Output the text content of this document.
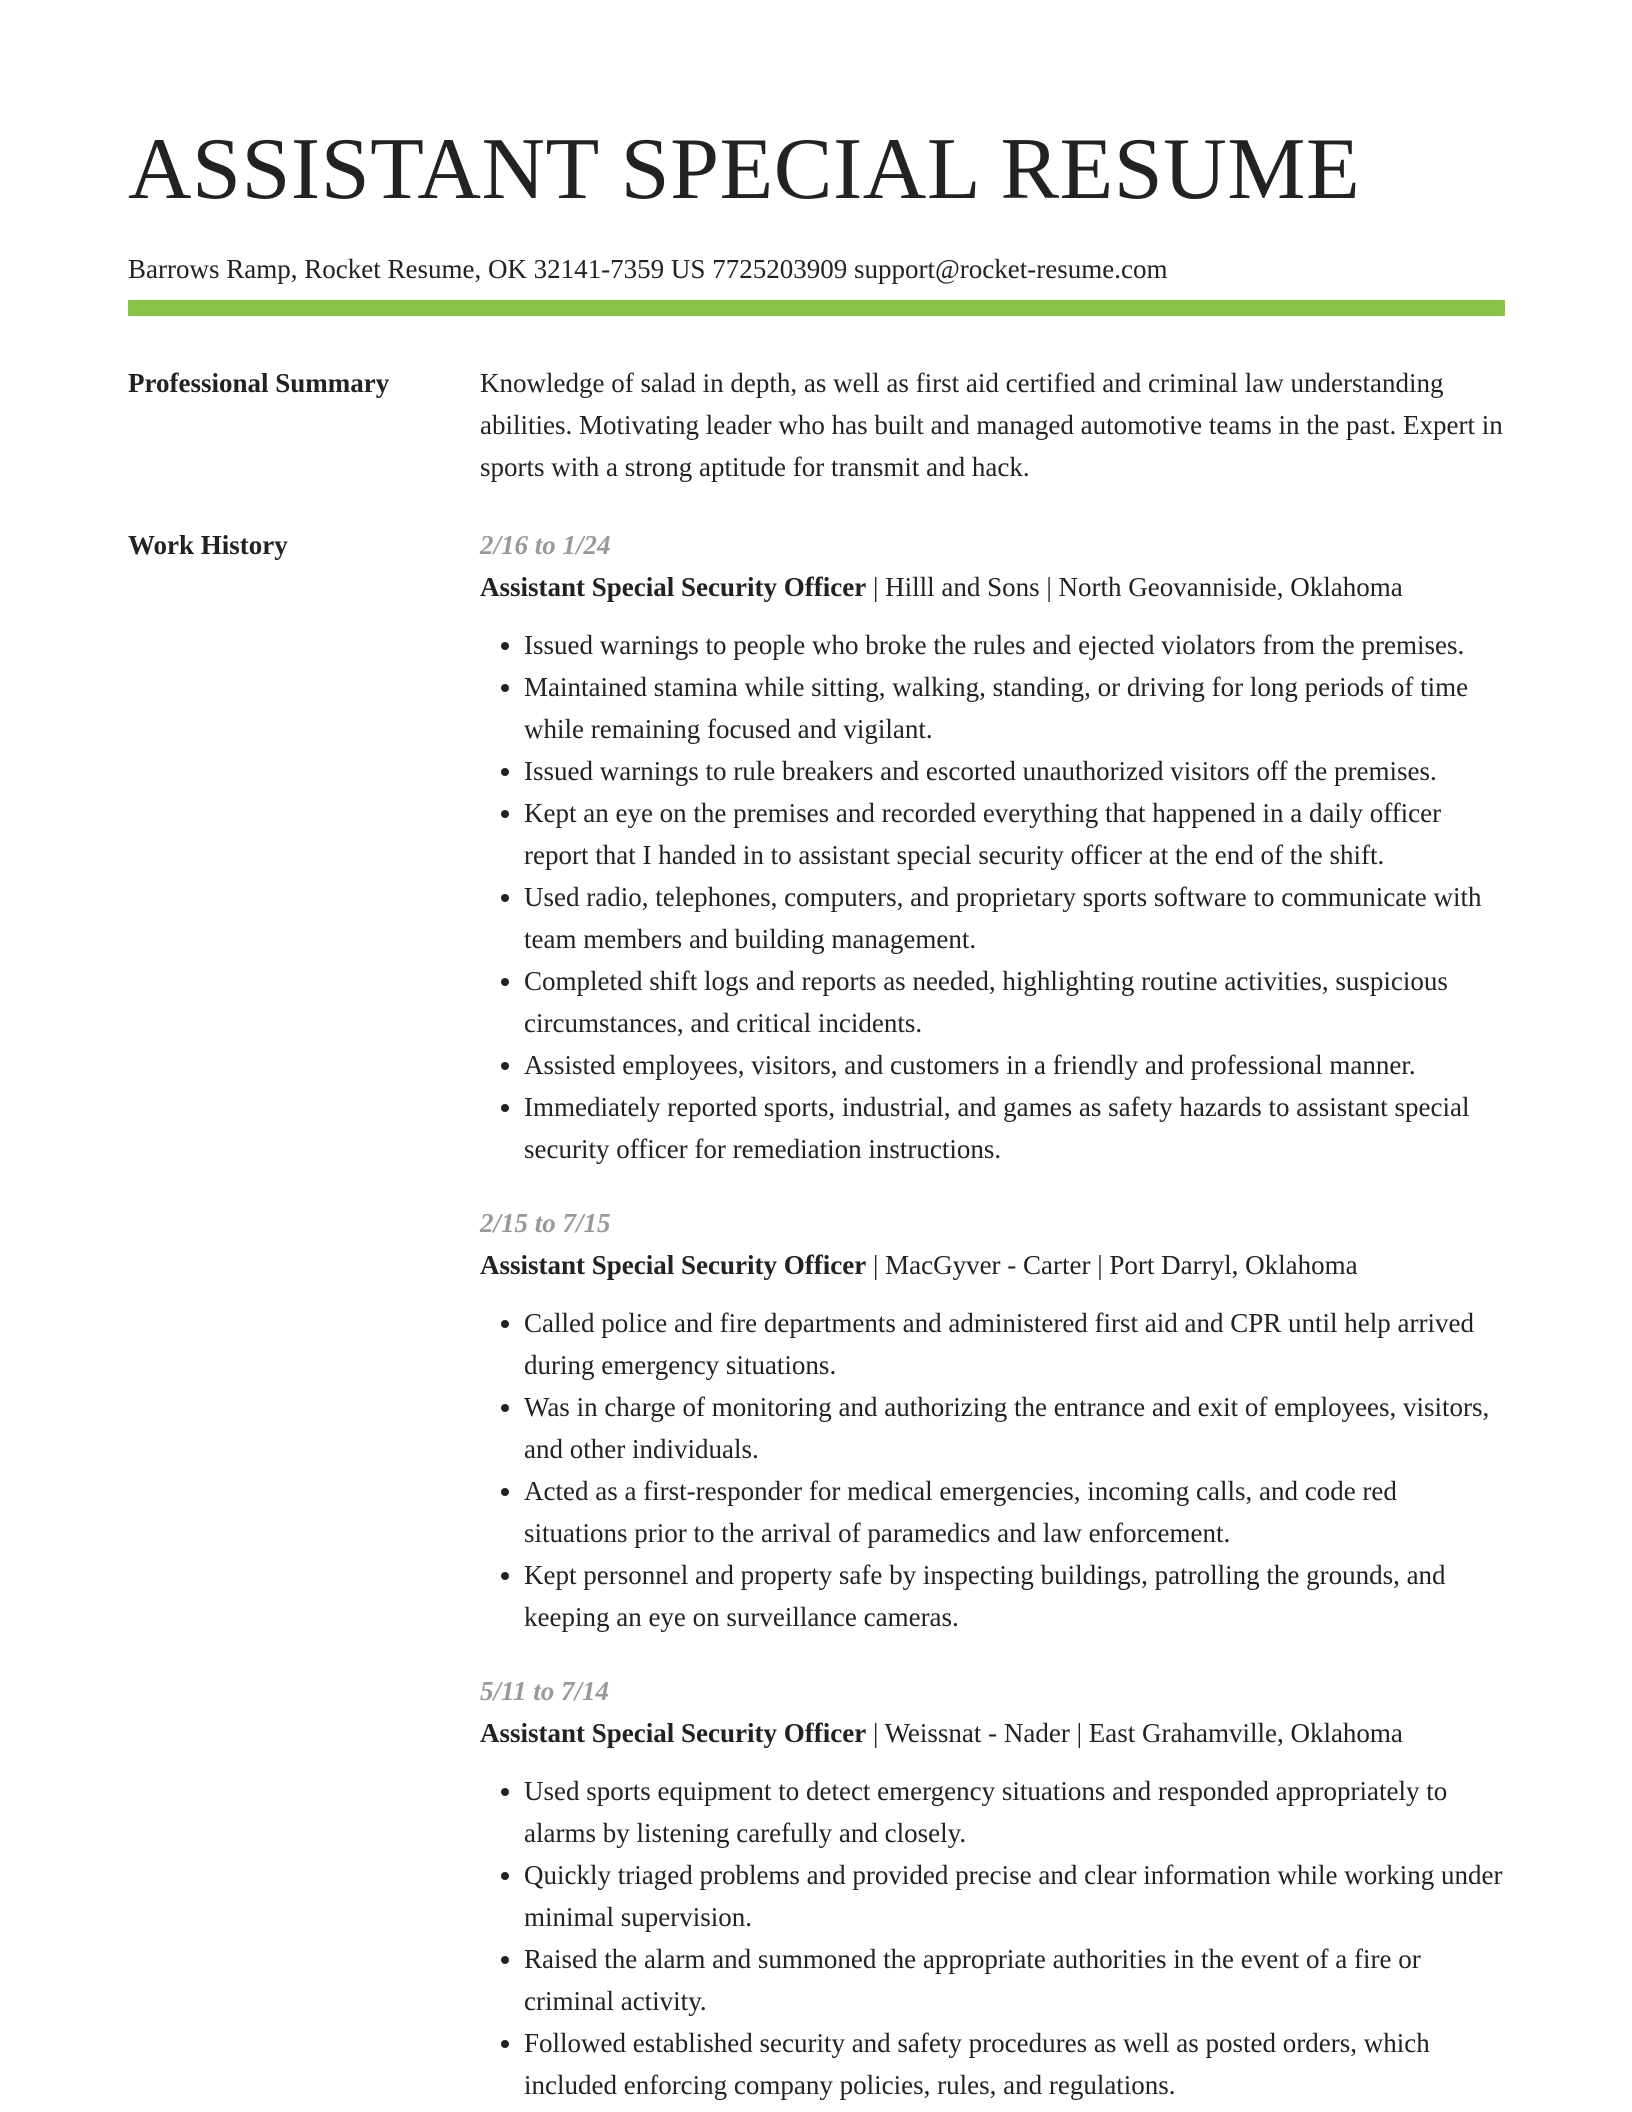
ASSISTANT SPECIAL RESUME
Barrows Ramp, Rocket Resume, OK 32141-7359 US 7725203909 support@rocket-resume.com
Professional Summary	Knowledge of salad in depth, as well as first aid certified and criminal law understanding abilities. Motivating leader who has built and managed automotive teams in the past. Expert in sports with a strong aptitude for transmit and hack.

Work History	2/16 to 1/24
Assistant Special Security Officer | Hilll and Sons | North Geovanniside, Oklahoma
• Issued warnings to people who broke the rules and ejected violators from the premises.
• Maintained stamina while sitting, walking, standing, or driving for long periods of time while remaining focused and vigilant.
• Issued warnings to rule breakers and escorted unauthorized visitors off the premises.
• Kept an eye on the premises and recorded everything that happened in a daily officer report that I handed in to assistant special security officer at the end of the shift.
• Used radio, telephones, computers, and proprietary sports software to communicate with team members and building management.
• Completed shift logs and reports as needed, highlighting routine activities, suspicious circumstances, and critical incidents.
• Assisted employees, visitors, and customers in a friendly and professional manner.
• Immediately reported sports, industrial, and games as safety hazards to assistant special security officer for remediation instructions.
2/15 to 7/15
Assistant Special Security Officer | MacGyver - Carter | Port Darryl, Oklahoma
• Called police and fire departments and administered first aid and CPR until help arrived during emergency situations.
• Was in charge of monitoring and authorizing the entrance and exit of employees, visitors, and other individuals.
• Acted as a first-responder for medical emergencies, incoming calls, and code red situations prior to the arrival of paramedics and law enforcement.
• Kept personnel and property safe by inspecting buildings, patrolling the grounds, and keeping an eye on surveillance cameras.
5/11 to 7/14
Assistant Special Security Officer | Weissnat - Nader | East Grahamville, Oklahoma
• Used sports equipment to detect emergency situations and responded appropriately to alarms by listening carefully and closely.
• Quickly triaged problems and provided precise and clear information while working under minimal supervision.
• Raised the alarm and summoned the appropriate authorities in the event of a fire or criminal activity.
• Followed established security and safety procedures as well as posted orders, which included enforcing company policies, rules, and regulations.
